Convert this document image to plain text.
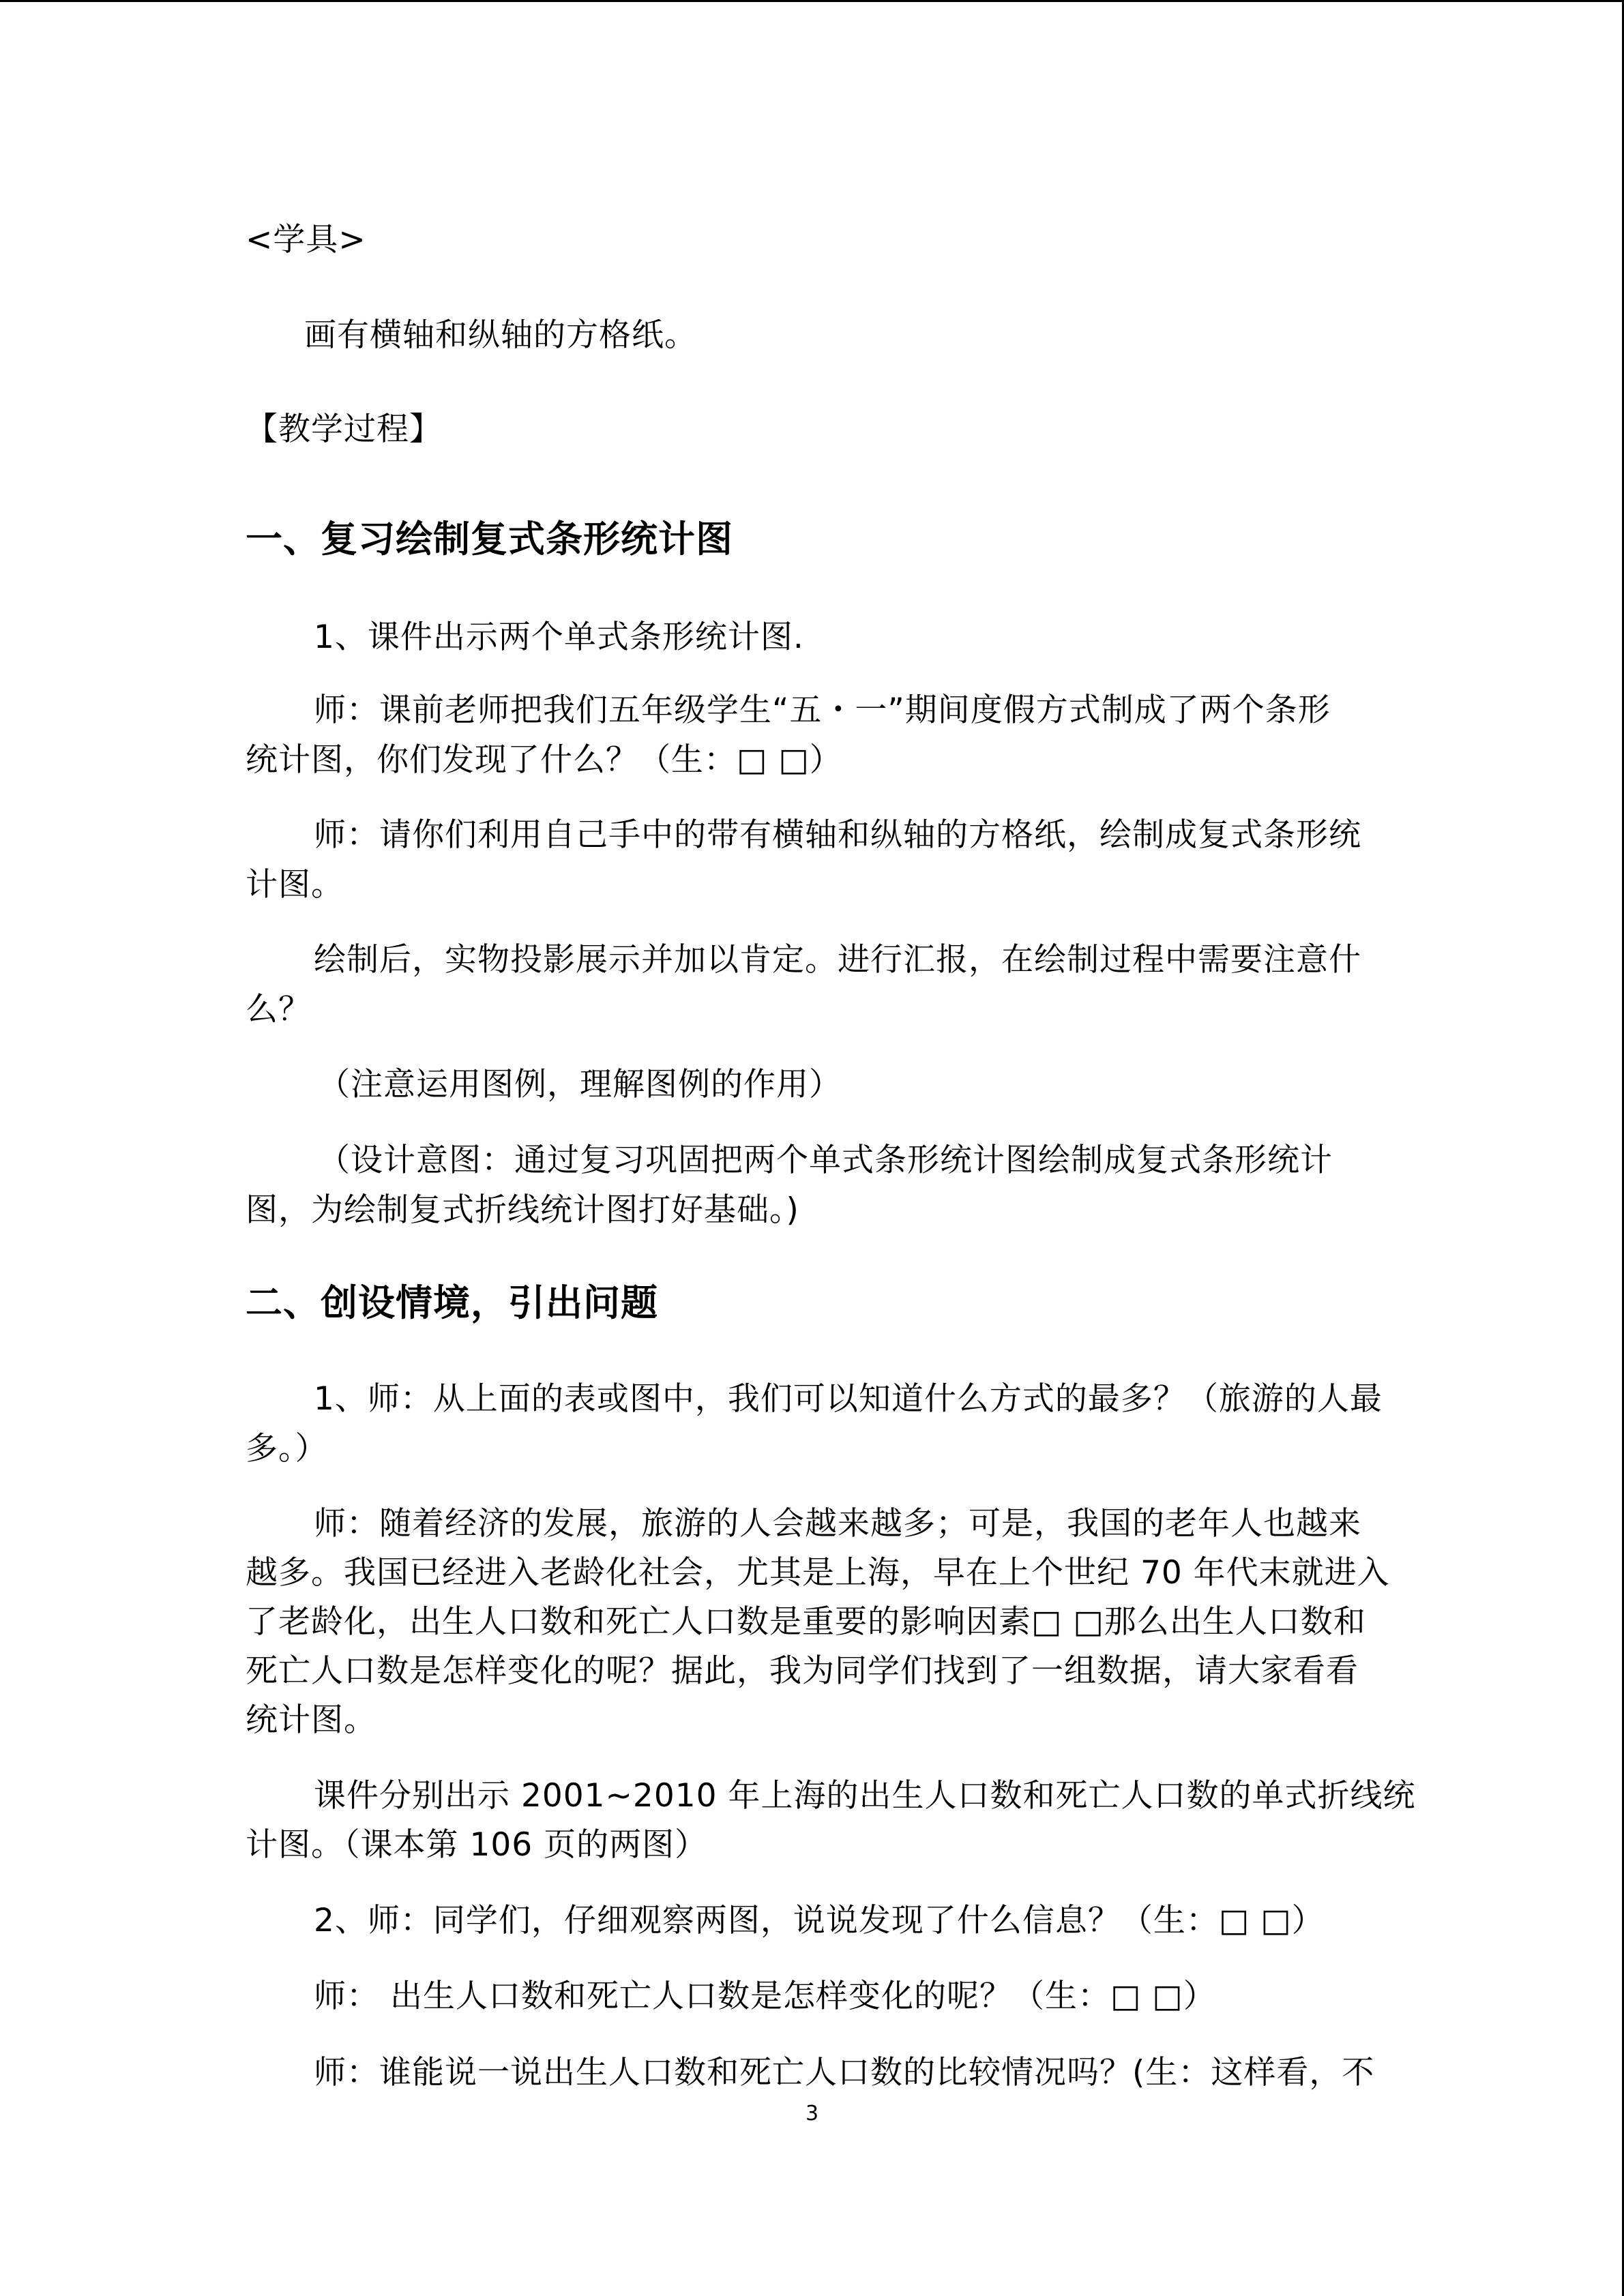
<学具>

画有横轴和纵轴的方格纸。

【教学过程】

一、复习绘制复式条形统计图

1、课件出示两个单式条形统计图.

师：课前老师把我们五年级学生“五・一”期间度假方式制成了两个条形

统计图，你们发现了什么？（生：□ □）

师：请你们利用自己手中的带有横轴和纵轴的方格纸，绘制成复式条形统

计图。

绘制后，实物投影展示并加以肯定。进行汇报，在绘制过程中需要注意什

么？

（注意运用图例，理解图例的作用）

（设计意图：通过复习巩固把两个单式条形统计图绘制成复式条形统计

图，为绘制复式折线统计图打好基础。)

二、创设情境，引出问题

1、师：从上面的表或图中，我们可以知道什么方式的最多？（旅游的人最

多。）

师：随着经济的发展，旅游的人会越来越多；可是，我国的老年人也越来

越多。我国已经进入老龄化社会，尤其是上海，早在上个世纪 70 年代末就进入

了老龄化，出生人口数和死亡人口数是重要的影响因素□ □那么出生人口数和

死亡人口数是怎样变化的呢？据此，我为同学们找到了一组数据，请大家看看

统计图。

课件分别出示 2001~2010 年上海的出生人口数和死亡人口数的单式折线统

计图。（课本第 106 页的两图）

2、师：同学们，仔细观察两图，说说发现了什么信息？（生：□ □）

师： 出生人口数和死亡人口数是怎样变化的呢？（生：□ □）

师：谁能说一说出生人口数和死亡人口数的比较情况吗？(生：这样看，不

3
